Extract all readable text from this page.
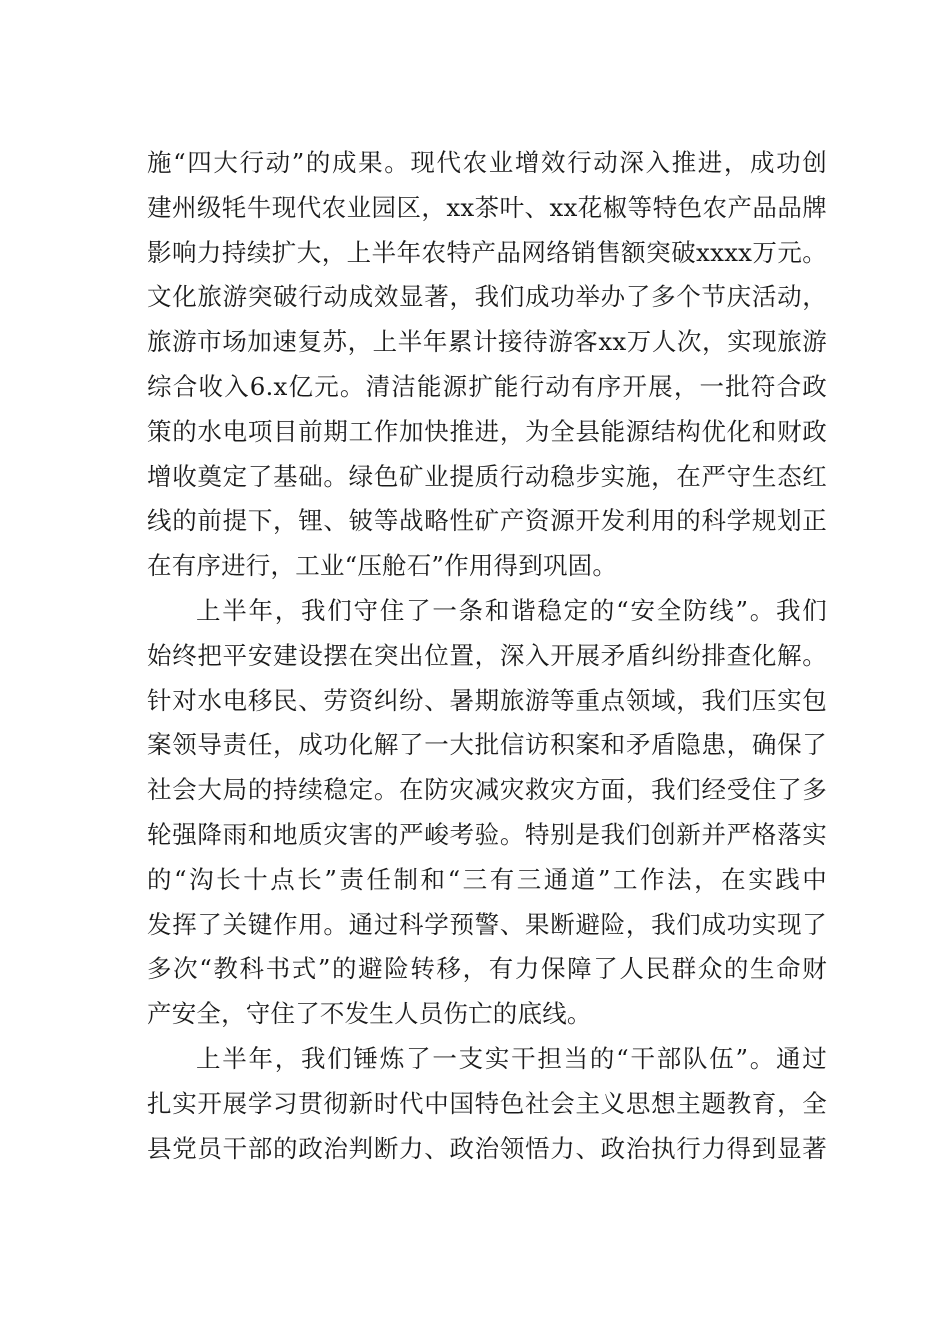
施“四大行动”的成果。现代农业增效行动深入推进，成功创
建州级牦牛现代农业园区，xx茶叶、xx花椒等特色农产品品牌
影响力持续扩大，上半年农特产品网络销售额突破xxxx万元。
文化旅游突破行动成效显著，我们成功举办了多个节庆活动，
旅游市场加速复苏，上半年累计接待游客xx万人次，实现旅游
综合收入6.x亿元。清洁能源扩能行动有序开展，一批符合政
策的水电项目前期工作加快推进，为全县能源结构优化和财政
增收奠定了基础。绿色矿业提质行动稳步实施，在严守生态红
线的前提下，锂、铍等战略性矿产资源开发利用的科学规划正
在有序进行，工业“压舱石”作用得到巩固。
上半年，我们守住了一条和谐稳定的“安全防线”。我们
始终把平安建设摆在突出位置，深入开展矛盾纠纷排查化解。
针对水电移民、劳资纠纷、暑期旅游等重点领域，我们压实包
案领导责任，成功化解了一大批信访积案和矛盾隐患，确保了
社会大局的持续稳定。在防灾减灾救灾方面，我们经受住了多
轮强降雨和地质灾害的严峻考验。特别是我们创新并严格落实
的“沟长十点长”责任制和“三有三通道”工作法，在实践中
发挥了关键作用。通过科学预警、果断避险，我们成功实现了
多次“教科书式”的避险转移，有力保障了人民群众的生命财
产安全，守住了不发生人员伤亡的底线。
上半年，我们锤炼了一支实干担当的“干部队伍”。通过
扎实开展学习贯彻新时代中国特色社会主义思想主题教育，全
县党员干部的政治判断力、政治领悟力、政治执行力得到显著
